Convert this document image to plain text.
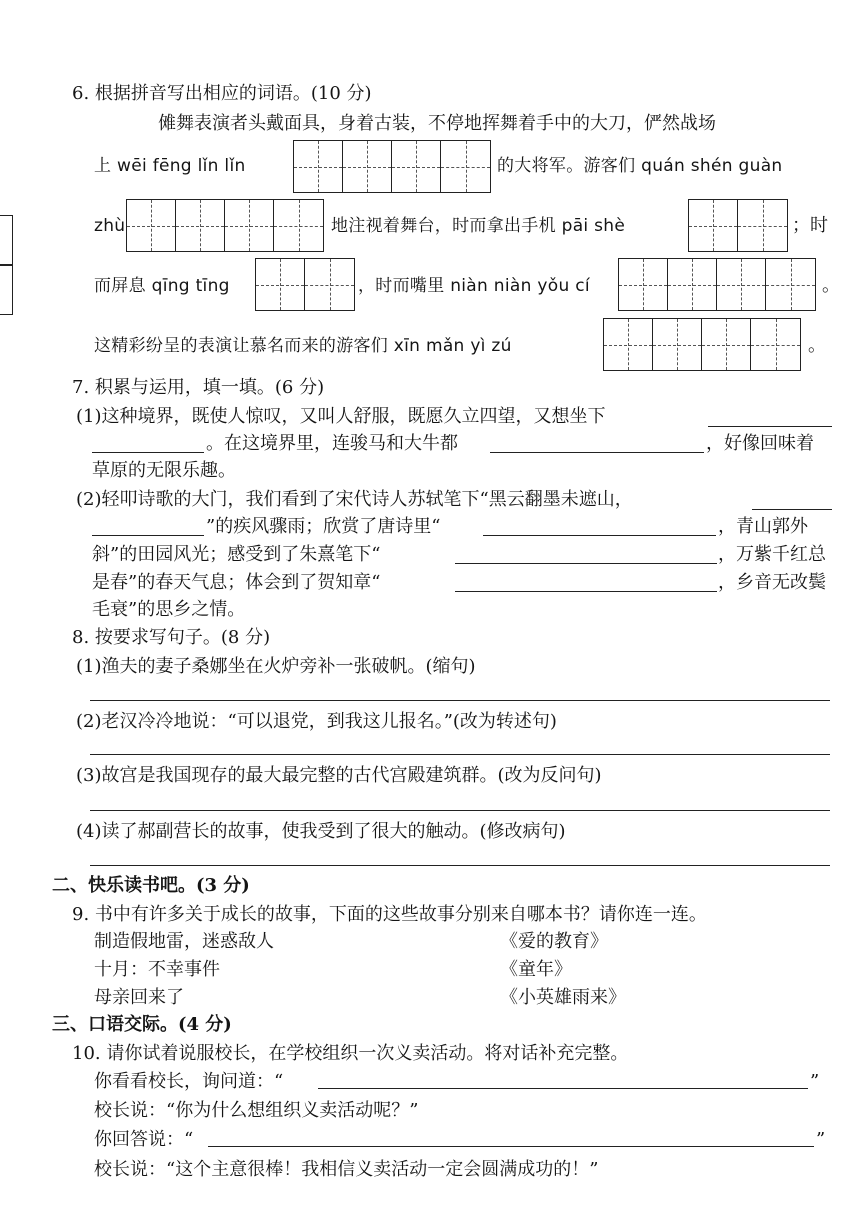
6. 根据拼音写出相应的词语。(10 分)
傩舞表演者头戴面具，身着古装，不停地挥舞着手中的大刀，俨然战场
上 wēi fēng lǐn lǐn	的大将军。游客们 quán shén guàn
zhù	地注视着舞台，时而拿出手机 pāi shè	；时
而屏息 qīng tīng	，时而嘴里 niàn niàn yǒu cí	。
这精彩纷呈的表演让慕名而来的游客们 xīn mǎn yì zú	。
7. 积累与运用，填一填。(6 分)
(1)这种境界，既使人惊叹，又叫人舒服，既愿久立四望，又想坐下
。在这境界里，连骏马和大牛都	，好像回味着
草原的无限乐趣。
(2)轻叩诗歌的大门，我们看到了宋代诗人苏轼笔下“黑云翻墨未遮山，
”的疾风骤雨；欣赏了唐诗里“	，青山郭外
斜”的田园风光；感受到了朱熹笔下“	，万紫千红总
是春”的春天气息；体会到了贺知章“	，乡音无改鬓
毛衰”的思乡之情。
8. 按要求写句子。(8 分)
(1)渔夫的妻子桑娜坐在火炉旁补一张破帆。(缩句)
(2)老汉冷冷地说：“可以退党，到我这儿报名。”(改为转述句)
(3)故宫是我国现存的最大最完整的古代宫殿建筑群。(改为反问句)
(4)读了郝副营长的故事，使我受到了很大的触动。(修改病句)
二、快乐读书吧。(3 分)
9. 书中有许多关于成长的故事，下面的这些故事分别来自哪本书？请你连一连。
制造假地雷，迷惑敌人
十月：不幸事件
母亲回来了
《爱的教育》
《童年》
《小英雄雨来》
三、口语交际。(4 分)
10. 请你试着说服校长，在学校组织一次义卖活动。将对话补充完整。
你看看校长，询问道：“	”
校长说：“你为什么想组织义卖活动呢？”
你回答说：“	”
校长说：“这个主意很棒！我相信义卖活动一定会圆满成功的！”
